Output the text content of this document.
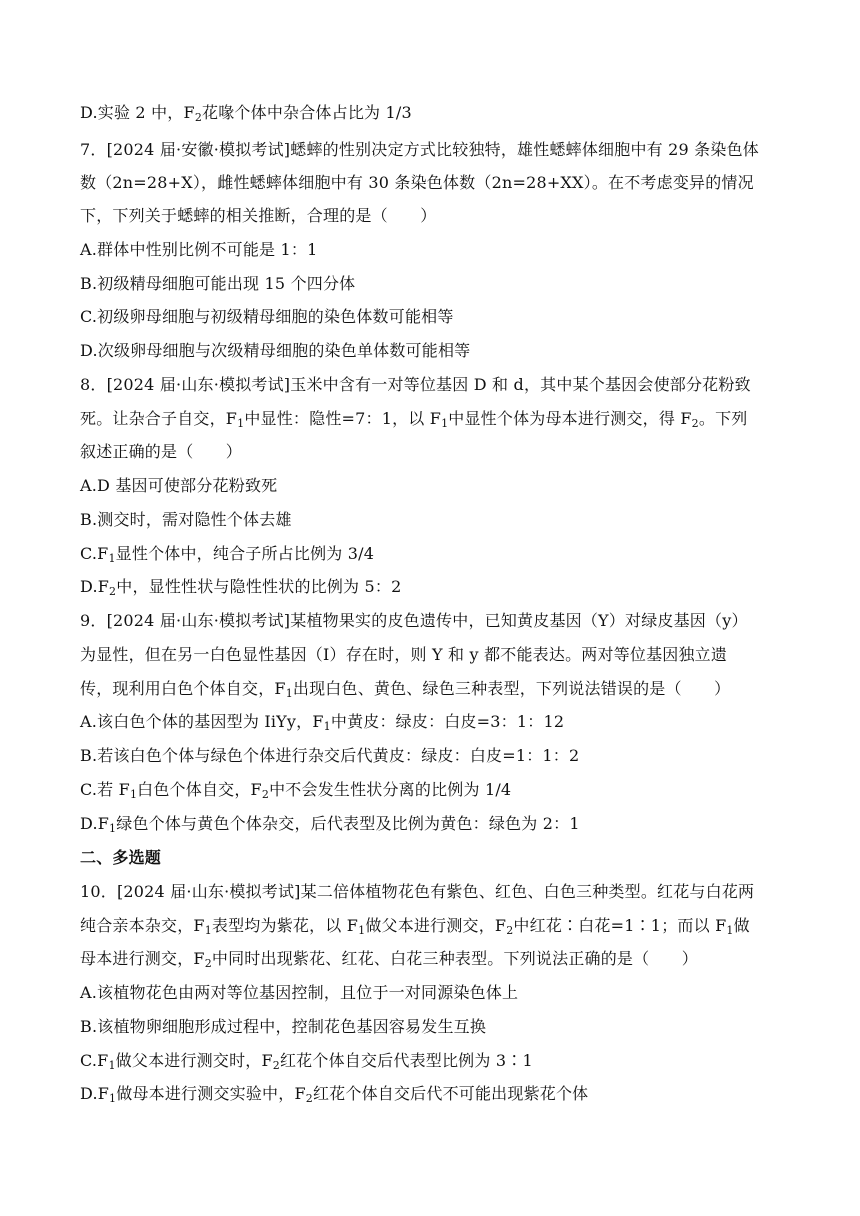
D.实验 2 中，$F_2$花喙个体中杂合体占比为 1/3
7．[2024 届·安徽·模拟考试]蟋蟀的性别决定方式比较独特，雄性蟋蟀体细胞中有 29 条染色体
数（2n=28+X），雌性蟋蟀体细胞中有 30 条染色体数（2n=28+XX）。在不考虑变异的情况
下，下列关于蟋蟀的相关推断，合理的是（　　）
A.群体中性别比例不可能是 1：1
B.初级精母细胞可能出现 15 个四分体
C.初级卵母细胞与初级精母细胞的染色体数可能相等
D.次级卵母细胞与次级精母细胞的染色单体数可能相等
8．[2024 届·山东·模拟考试]玉米中含有一对等位基因 D 和 d，其中某个基因会使部分花粉致
死。让杂合子自交，$F_1$中显性：隐性=7：1，以 $F_1$中显性个体为母本进行测交，得 $F_2$。下列
叙述正确的是（　　）
A.D 基因可使部分花粉致死
B.测交时，需对隐性个体去雄
$C.F_1$显性个体中，纯合子所占比例为 3/4
$D.F_2$中，显性性状与隐性性状的比例为 5：2
9．[2024 届·山东·模拟考试]某植物果实的皮色遗传中，已知黄皮基因（Y）对绿皮基因（y）
为显性，但在另一白色显性基因（I）存在时，则 Y 和 y 都不能表达。两对等位基因独立遗
传，现利用白色个体自交，$F_1$出现白色、黄色、绿色三种表型，下列说法错误的是（　　）
A.该白色个体的基因型为 IiYy，$F_1$中黄皮：绿皮：白皮=3：1：12
B.若该白色个体与绿色个体进行杂交后代黄皮：绿皮：白皮=1：1：2
C.若 $F_1$白色个体自交，$F_2$中不会发生性状分离的比例为 1/4
$D.F_1$绿色个体与黄色个体杂交，后代表型及比例为黄色：绿色为 2：1
二、多选题
10．[2024 届·山东·模拟考试]某二倍体植物花色有紫色、红色、白色三种类型。红花与白花两
纯合亲本杂交，$F_1$表型均为紫花，以 $F_1$做父本进行测交，$F_2$中红花∶白花=1∶1；而以 $F_1$做
母本进行测交，$F_2$中同时出现紫花、红花、白花三种表型。下列说法正确的是（　　）
A.该植物花色由两对等位基因控制，且位于一对同源染色体上
B.该植物卵细胞形成过程中，控制花色基因容易发生互换
$C.F_1$做父本进行测交时，$F_2$红花个体自交后代表型比例为 3∶1
$D.F_1$做母本进行测交实验中，$F_2$红花个体自交后代不可能出现紫花个体
